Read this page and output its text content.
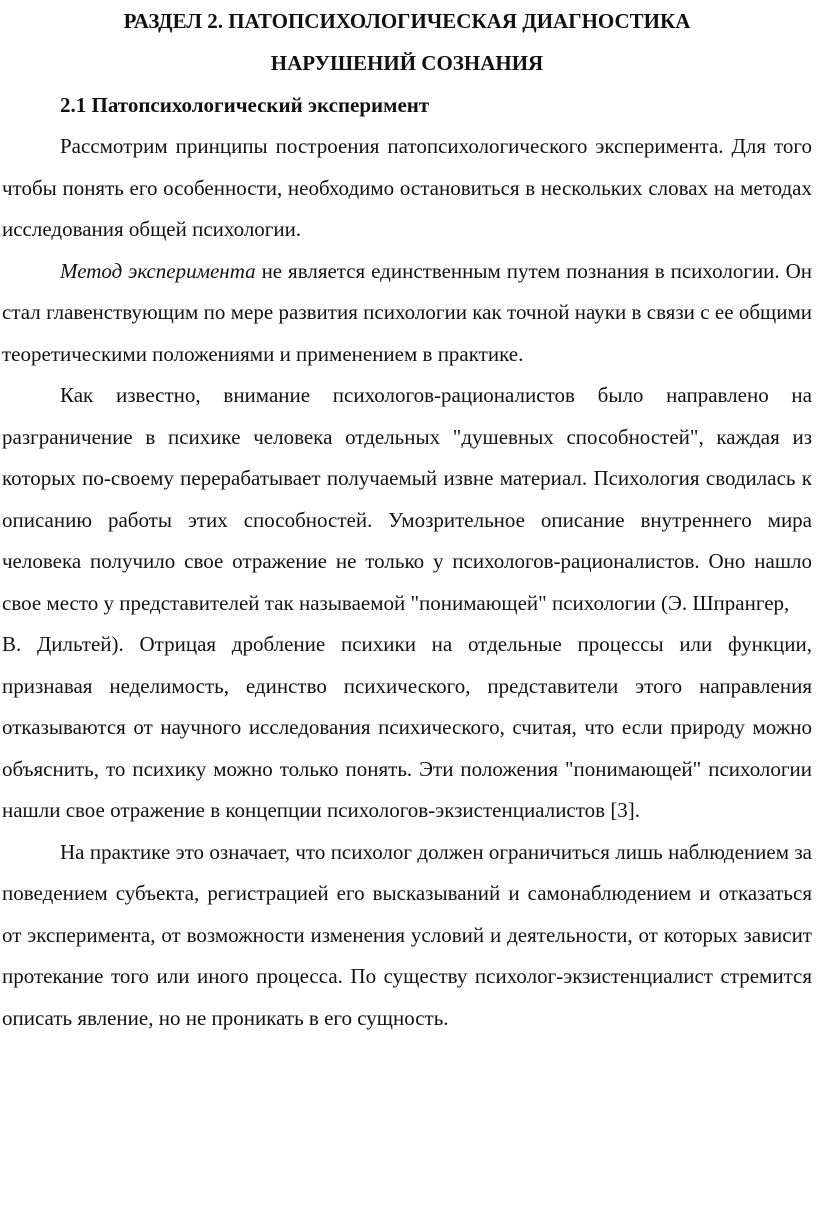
РАЗДЕЛ 2. ПАТОПСИХОЛОГИЧЕСКАЯ ДИАГНОСТИКА
НАРУШЕНИЙ СОЗНАНИЯ
2.1 Патопсихологический эксперимент

Рассмотрим принципы построения патопсихологического эксперимента. Для того чтобы понять его особенности, необходимо остановиться в нескольких словах на методах исследования общей психологии.

Метод эксперимента не является единственным путем познания в психологии. Он стал главенствующим по мере развития психологии как точной науки в связи с ее общими теоретическими положениями и применением в практике.

Как известно, внимание психологов-рационалистов было направлено на разграничение в психике человека отдельных "душевных способностей", каждая из которых по-своему перерабатывает получаемый извне материал. Психология сводилась к описанию работы этих способностей. Умозрительное описание внутреннего мира человека получило свое отражение не только у психологов-рационалистов. Оно нашло свое место у представителей так называемой "понимающей" психологии (Э. Шпрангер,

В. Дильтей). Отрицая дробление психики на отдельные процессы или функции, признавая неделимость, единство психического, представители этого направления отказываются от научного исследования психического, считая, что если природу можно объяснить, то психику можно только понять. Эти положения "понимающей" психологии нашли свое отражение в концепции психологов-экзистенциалистов [3].

На практике это означает, что психолог должен ограничиться лишь наблюдением за поведением субъекта, регистрацией его высказываний и самонаблюдением и отказаться от эксперимента, от возможности изменения условий и деятельности, от которых зависит протекание того или иного процесса. По существу психолог-экзистенциалист стремится описать явление, но не проникать в его сущность.
